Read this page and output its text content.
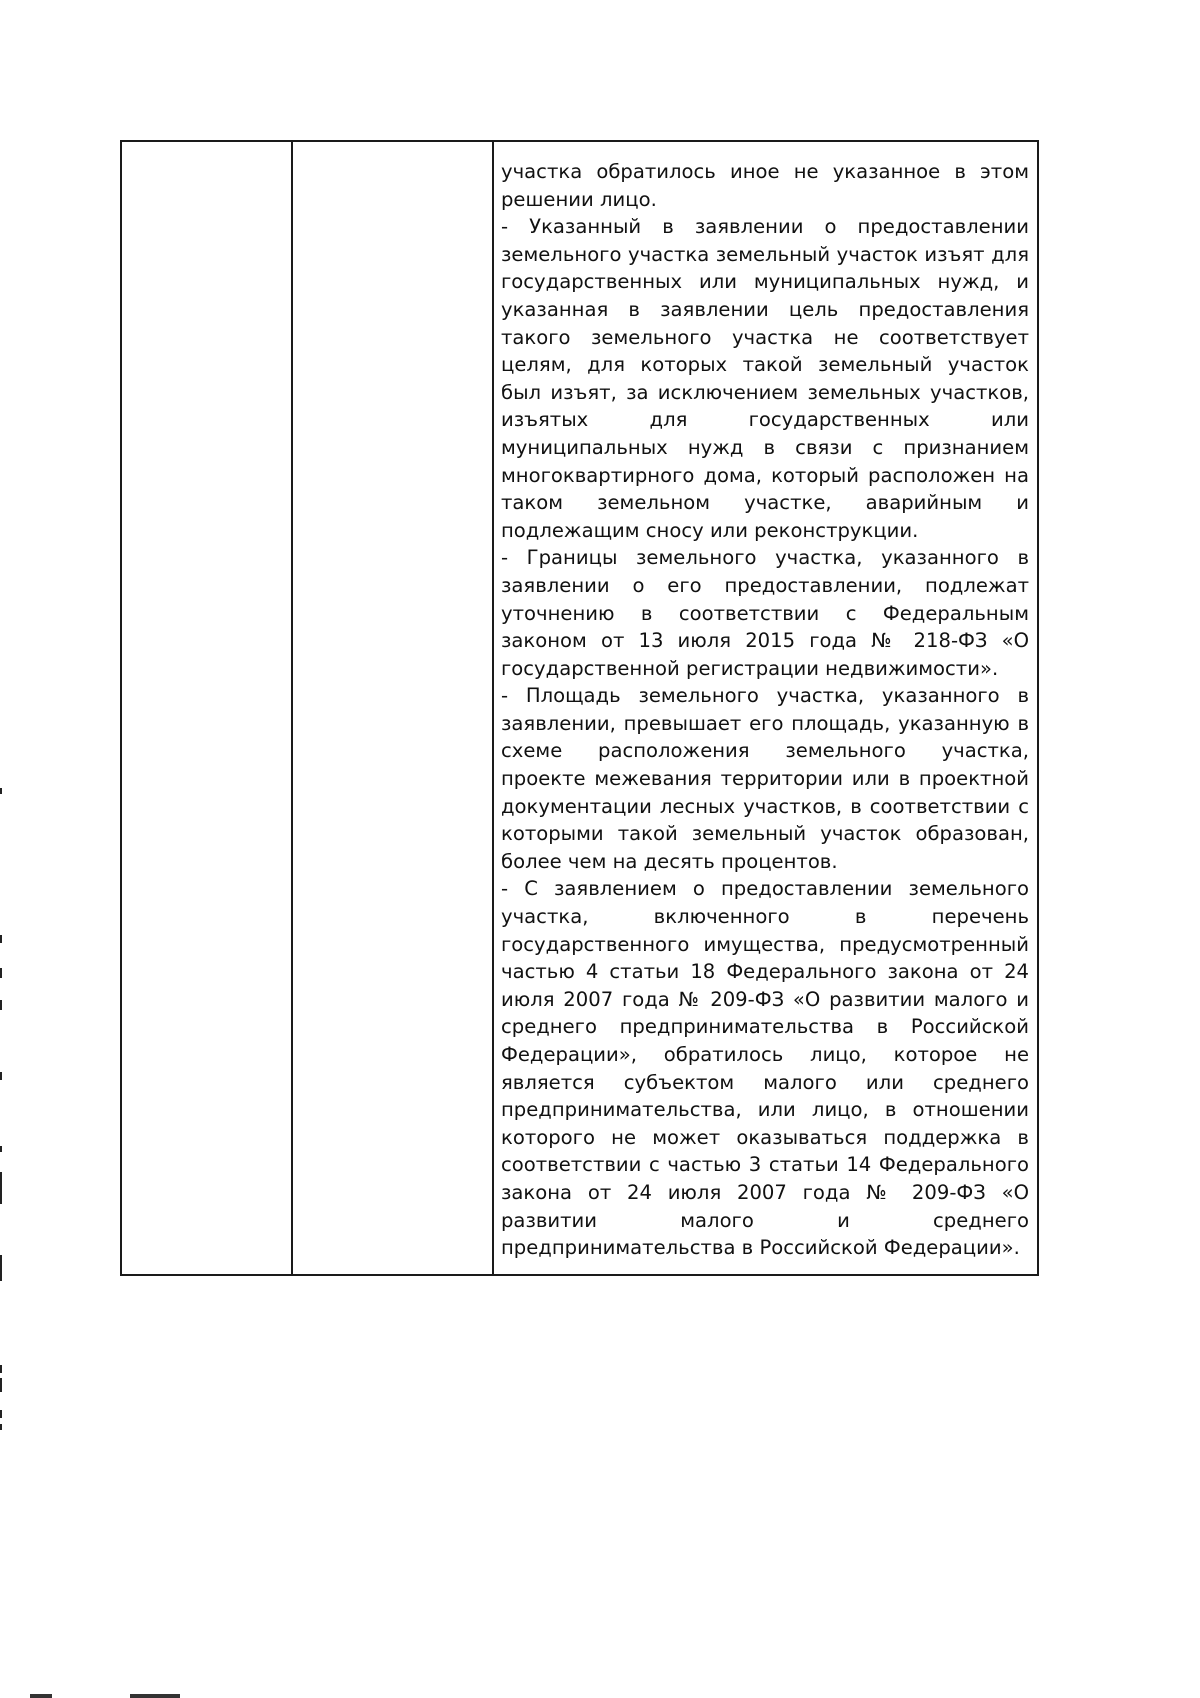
участка обратилось иное не указанное в этом решении лицо.

- Указанный в заявлении о предоставлении земельного участка земельный участок изъят для государственных или муниципальных нужд, и указанная в заявлении цель предоставления такого земельного участка не соответствует целям, для которых такой земельный участок был изъят, за исключением земельных участков, изъятых для государственных или муниципальных нужд в связи с признанием многоквартирного дома, который расположен на таком земельном участке, аварийным и подлежащим сносу или реконструкции.

- Границы земельного участка, указанного в заявлении о его предоставлении, подлежат уточнению в соответствии с Федеральным законом от 13 июля 2015 года № 218-ФЗ «О государственной регистрации недвижимости».

- Площадь земельного участка, указанного в заявлении, превышает его площадь, указанную в схеме расположения земельного участка, проекте межевания территории или в проектной документации лесных участков, в соответствии с которыми такой земельный участок образован, более чем на десять процентов.

- С заявлением о предоставлении земельного участка, включенного в перечень государственного имущества, предусмотренный частью 4 статьи 18 Федерального закона от 24 июля 2007 года № 209-ФЗ «О развитии малого и среднего предпринимательства в Российской Федерации», обратилось лицо, которое не является субъектом малого или среднего предпринимательства, или лицо, в отношении которого не может оказываться поддержка в соответствии с частью 3 статьи 14 Федерального закона от 24 июля 2007 года № 209-ФЗ «О развитии малого и среднего предпринимательства в Российской Федерации».
